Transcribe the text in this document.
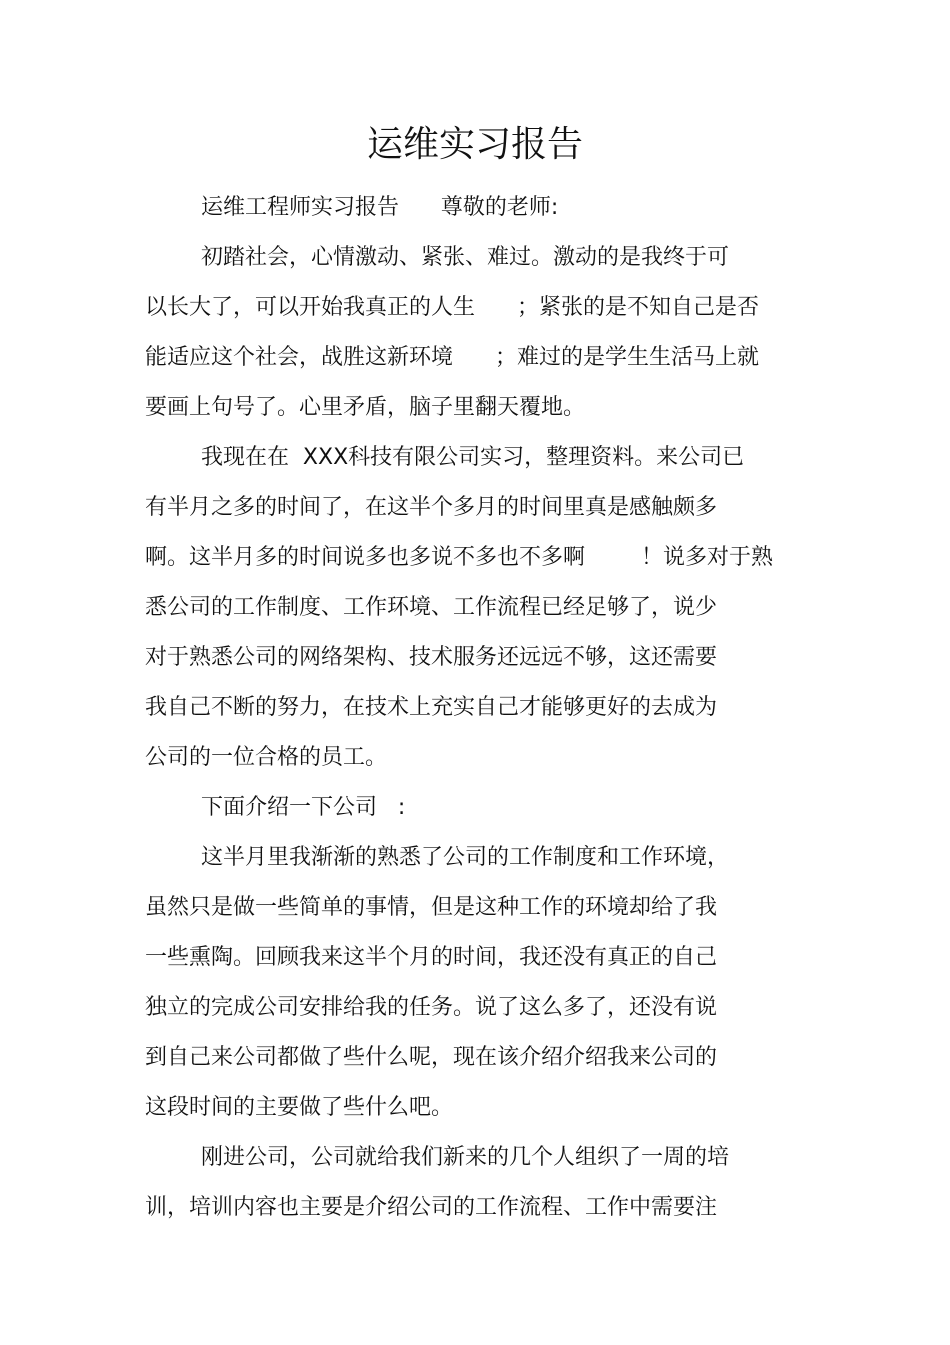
运维实习报告
运维工程师实习报告      尊敬的老师:
初踏社会，心情激动、紧张、难过。激动的是我终于可
以长大了，可以开始我真正的人生      ；紧张的是不知自己是否
能适应这个社会，战胜这新环境      ；难过的是学生生活马上就
要画上句号了。心里矛盾，脑子里翻天覆地。
我现在在  XXX科技有限公司实习，整理资料。来公司已
有半月之多的时间了，在这半个多月的时间里真是感触颇多
啊。这半月多的时间说多也多说不多也不多啊        ！说多对于熟
悉公司的工作制度、工作环境、工作流程已经足够了，说少
对于熟悉公司的网络架构、技术服务还远远不够，这还需要
我自己不断的努力，在技术上充实自己才能够更好的去成为
公司的一位合格的员工。
下面介绍一下公司   :
这半月里我渐渐的熟悉了公司的工作制度和工作环境，
虽然只是做一些简单的事情，但是这种工作的环境却给了我
一些熏陶。回顾我来这半个月的时间，我还没有真正的自己
独立的完成公司安排给我的任务。说了这么多了，还没有说
到自己来公司都做了些什么呢，现在该介绍介绍我来公司的
这段时间的主要做了些什么吧。
刚进公司，公司就给我们新来的几个人组织了一周的培
训，培训内容也主要是介绍公司的工作流程、工作中需要注
